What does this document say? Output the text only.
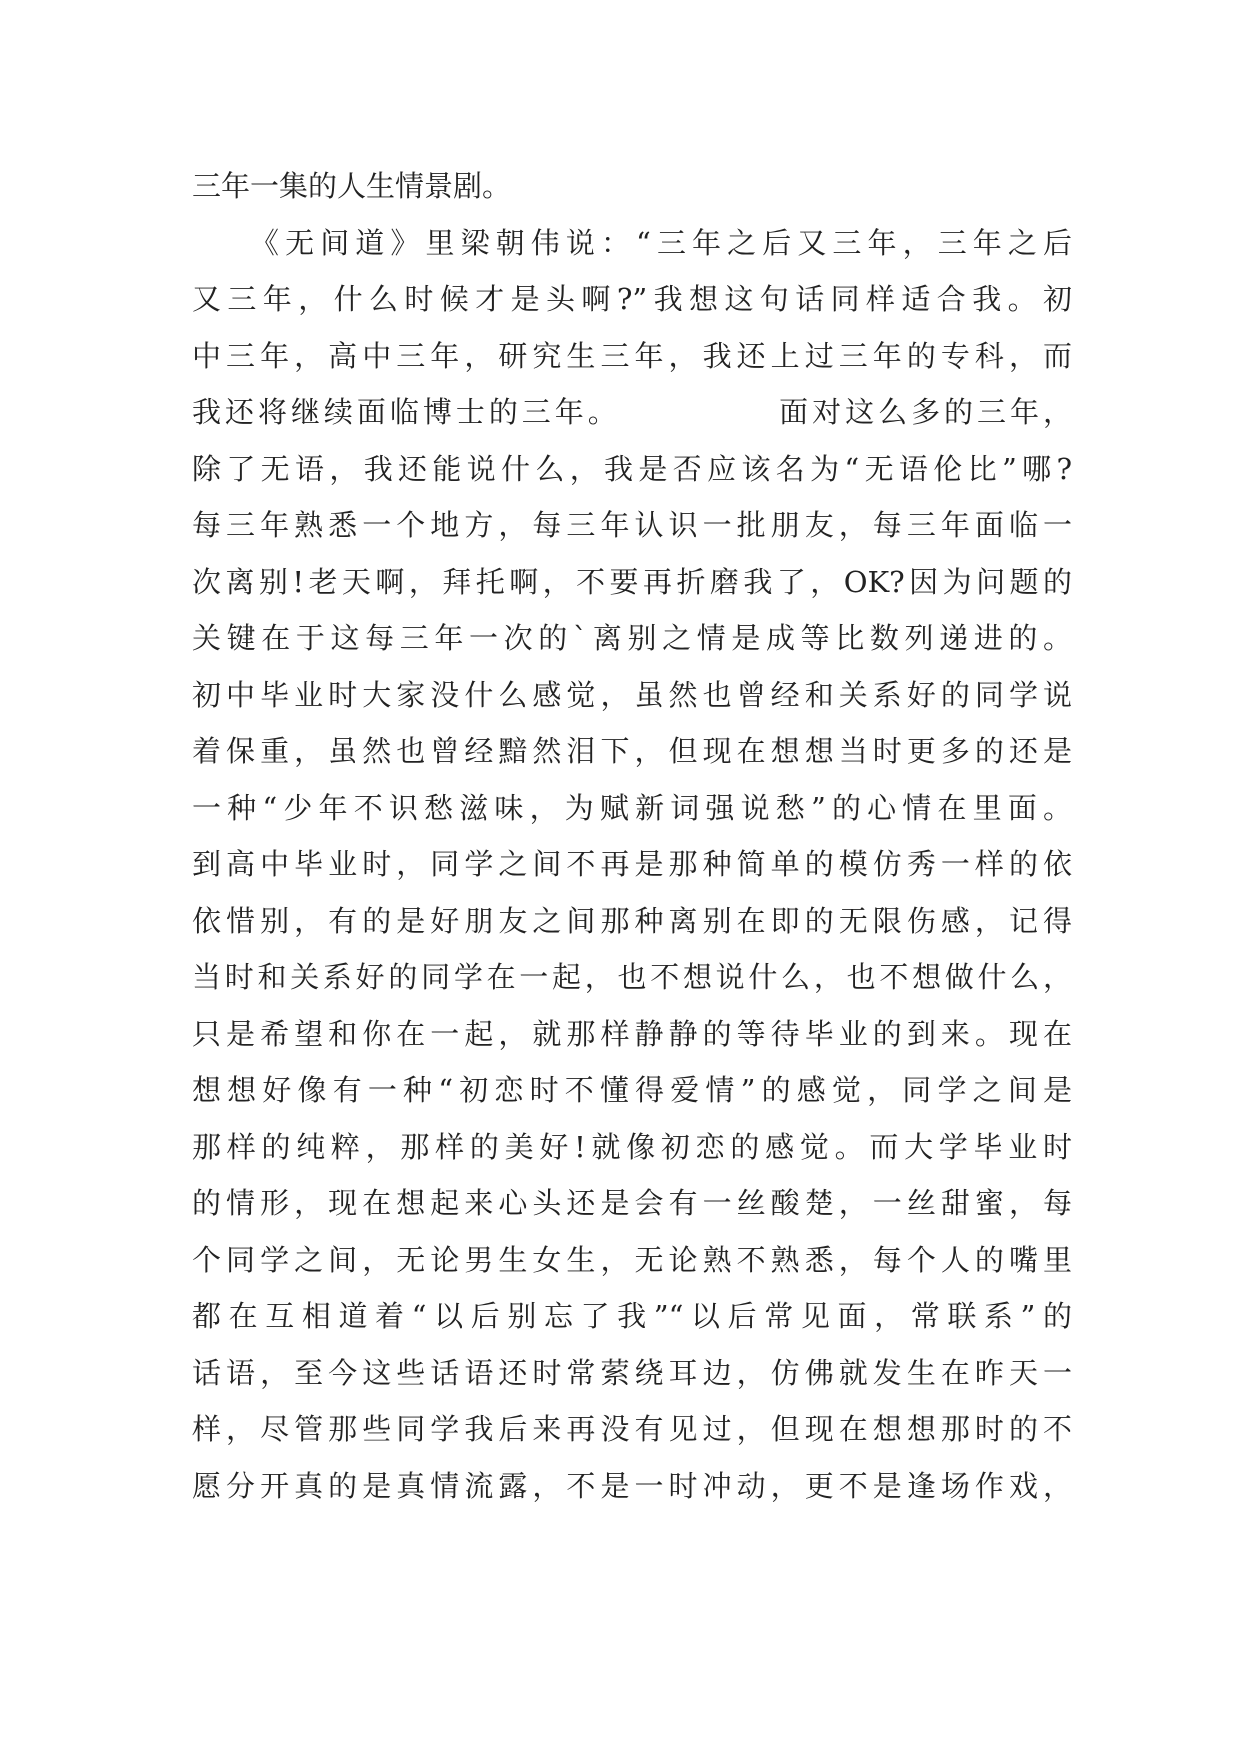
三年一集的人生情景剧。
《无间道》里梁朝伟说：“三年之后又三年，三年之后
又三年，什么时候才是头啊?”我想这句话同样适合我。初
中三年，高中三年，研究生三年，我还上过三年的专科，而
我还将继续面临博士的三年。            面对这么多的三年，
除了无语，我还能说什么，我是否应该名为“无语伦比”哪?
每三年熟悉一个地方，每三年认识一批朋友，每三年面临一
次离别!老天啊，拜托啊，不要再折磨我了，OK?因为问题的
关键在于这每三年一次的`离别之情是成等比数列递进的。
初中毕业时大家没什么感觉，虽然也曾经和关系好的同学说
着保重，虽然也曾经黯然泪下，但现在想想当时更多的还是
一种“少年不识愁滋味，为赋新词强说愁”的心情在里面。
到高中毕业时，同学之间不再是那种简单的模仿秀一样的依
依惜别，有的是好朋友之间那种离别在即的无限伤感，记得
当时和关系好的同学在一起，也不想说什么，也不想做什么，
只是希望和你在一起，就那样静静的等待毕业的到来。现在
想想好像有一种“初恋时不懂得爱情”的感觉，同学之间是
那样的纯粹，那样的美好!就像初恋的感觉。而大学毕业时
的情形，现在想起来心头还是会有一丝酸楚，一丝甜蜜，每
个同学之间，无论男生女生，无论熟不熟悉，每个人的嘴里
都在互相道着“以后别忘了我”“以后常见面，常联系”的
话语，至今这些话语还时常萦绕耳边，仿佛就发生在昨天一
样，尽管那些同学我后来再没有见过，但现在想想那时的不
愿分开真的是真情流露，不是一时冲动，更不是逢场作戏，
